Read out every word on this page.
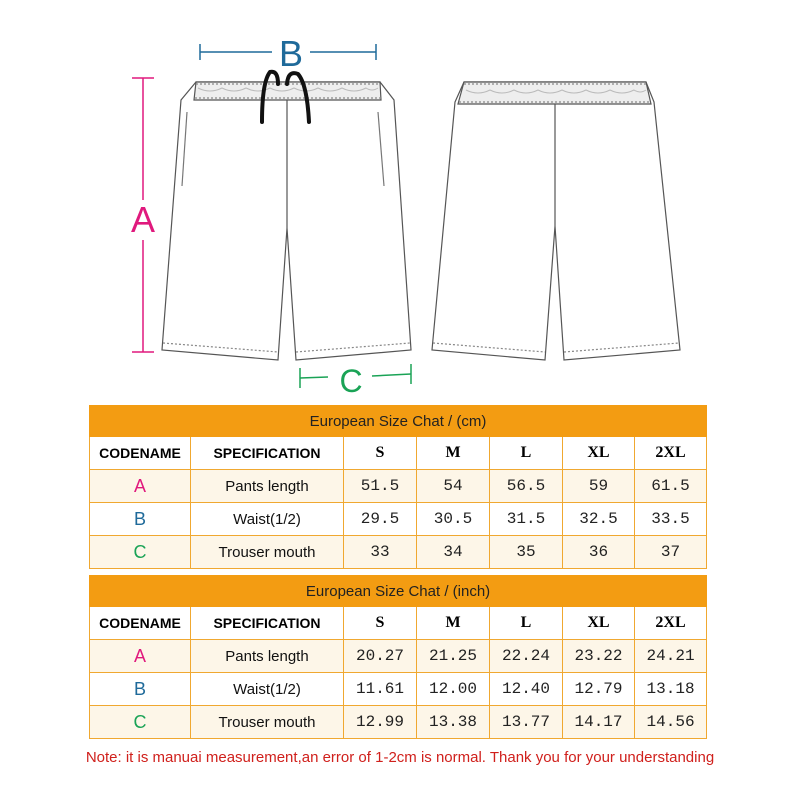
A
B
C
European Size Chat / (cm)						
CODENAME	SPECIFICATION	S	M	L	XL	2XL
A	Pants length	51.5	54	56.5	59	61.5
B	Waist(1/2)	29.5	30.5	31.5	32.5	33.5
C	Trouser mouth	33	34	35	36	37
European Size Chat / (inch)						
CODENAME	SPECIFICATION	S	M	L	XL	2XL
A	Pants length	20.27	21.25	22.24	23.22	24.21
B	Waist(1/2)	11.61	12.00	12.40	12.79	13.18
C	Trouser mouth	12.99	13.38	13.77	14.17	14.56
Note: it is manuai measurement,an error of 1-2cm is normal. Thank you for your understanding
